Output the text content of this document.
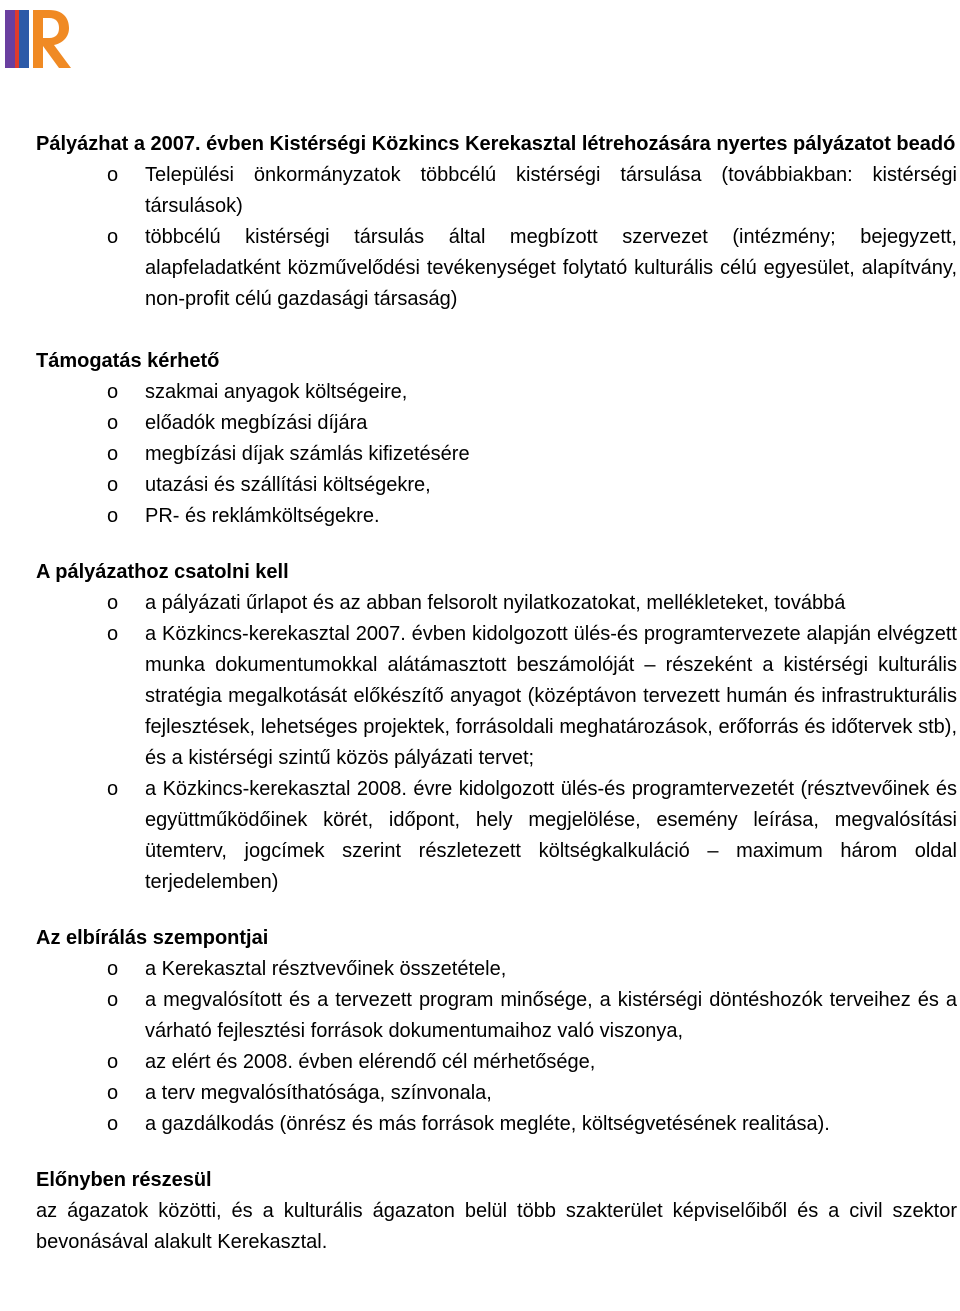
Pályázhat a 2007. évben Kistérségi Közkincs Kerekasztal létrehozására nyertes pályázatot beadó
o Települési önkormányzatok többcélú kistérségi társulása (továbbiakban: kistérségi társulások)
o többcélú kistérségi társulás által megbízott szervezet (intézmény; bejegyzett, alapfeladatként közművelődési tevékenységet folytató kulturális célú egyesület, alapítvány, non-profit célú gazdasági társaság)
Támogatás kérhető
o szakmai anyagok költségeire,
o előadók megbízási díjára
o megbízási díjak számlás kifizetésére
o utazási és szállítási költségekre,
o PR- és reklámköltségekre.
A pályázathoz csatolni kell
o a pályázati űrlapot és az abban felsorolt nyilatkozatokat, mellékleteket, továbbá
o a Közkincs-kerekasztal 2007. évben kidolgozott ülés-és programtervezete alapján elvégzett munka dokumentumokkal alátámasztott beszámolóját – részeként a kistérségi kulturális stratégia megalkotását előkészítő anyagot (középtávon tervezett humán és infrastrukturális fejlesztések, lehetséges projektek, forrásoldali meghatározások, erőforrás és időtervek stb), és a kistérségi szintű közös pályázati tervet;
o a Közkincs-kerekasztal 2008. évre kidolgozott ülés-és programtervezetét (résztvevőinek és együttműködőinek körét, időpont, hely megjelölése, esemény leírása, megvalósítási ütemterv, jogcímek szerint részletezett költségkalkuláció – maximum három oldal terjedelemben)
Az elbírálás szempontjai
o a Kerekasztal résztvevőinek összetétele,
o a megvalósított és a tervezett program minősége, a kistérségi döntéshozók terveihez és a várható fejlesztési források dokumentumaihoz való viszonya,
o az elért és 2008. évben elérendő cél mérhetősége,
o a terv megvalósíthatósága, színvonala,
o a gazdálkodás (önrész és más források megléte, költségvetésének realitása).
Előnyben részesül
az ágazatok közötti, és a kulturális ágazaton belül több szakterület képviselőiből és a civil szektor bevonásával alakult Kerekasztal.
